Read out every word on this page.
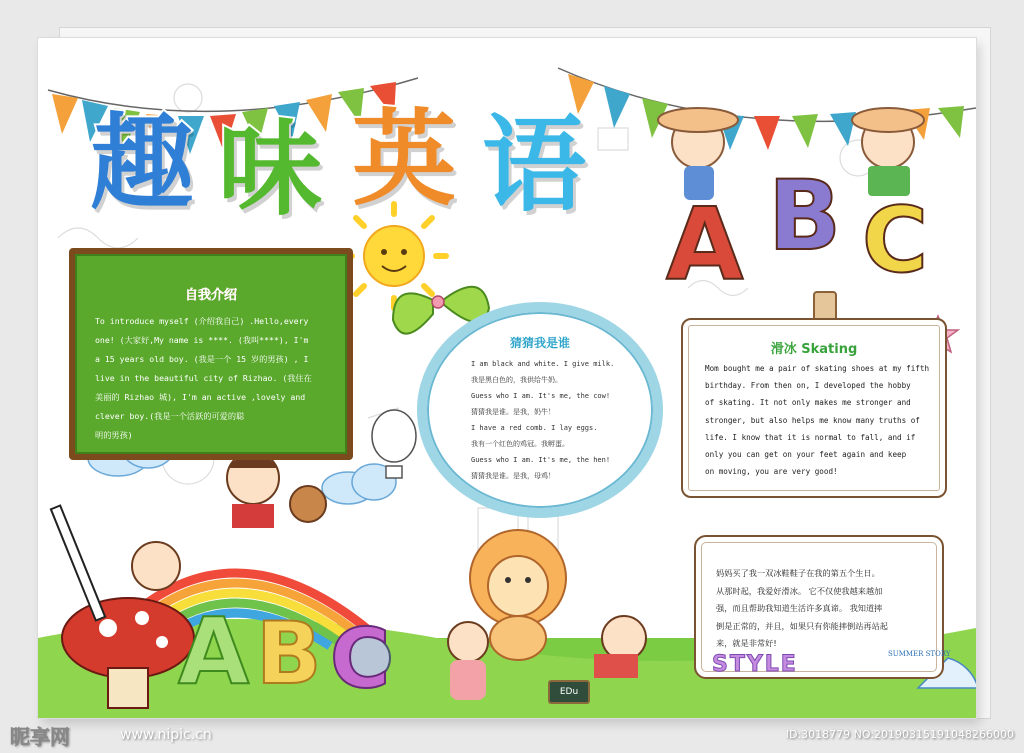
A B C
A B C
趣 味 英 语
自我介绍
To introduce myself (介绍我自己) .Hello,every
one! (大家好,My name is ****. (我叫****), I'm
a 15 years old boy. (我是一个 15 岁的男孩) , I
live in the beautiful city of Rizhao. (我住在
美丽的 Rizhao 城), I'm an active ,lovely and
clever boy.(我是一个活跃的可爱的聪
明的男孩)
猜猜我是谁
I am black and white. I give milk.
我是黑白色的，我供给牛奶。
Guess who I am. It's me, the cow!
猜猜我是谁。是我，奶牛！
I have a red comb. I lay eggs.
我有一个红色的鸡冠。我孵蛋。
Guess who I am. It's me, the hen!
猜猜我是谁。是我，母鸡！
滑冰 Skating
Mom bought me a pair of skating shoes at my fifth
birthday. From then on, I developed the hobby
of skating. It not only makes me stronger and
stronger, but also helps me know many truths of
life. I know that it is normal to fall, and if
only you can get on your feet again and keep
on moving, you are very good!
妈妈买了我一双冰鞋鞋子在我的第五个生日。
从那时起，我爱好滑冰。 它不仅使我越来越加
强，而且帮助我知道生活许多真谛。 我知道摔
倒是正常的，并且，如果只有你能摔倒站再站起
来，就是非常好!
STYLE	SUMMER STORY
EDu
昵享网	www.nipic.cn	ID:3018779 NO:20190315191048266000
